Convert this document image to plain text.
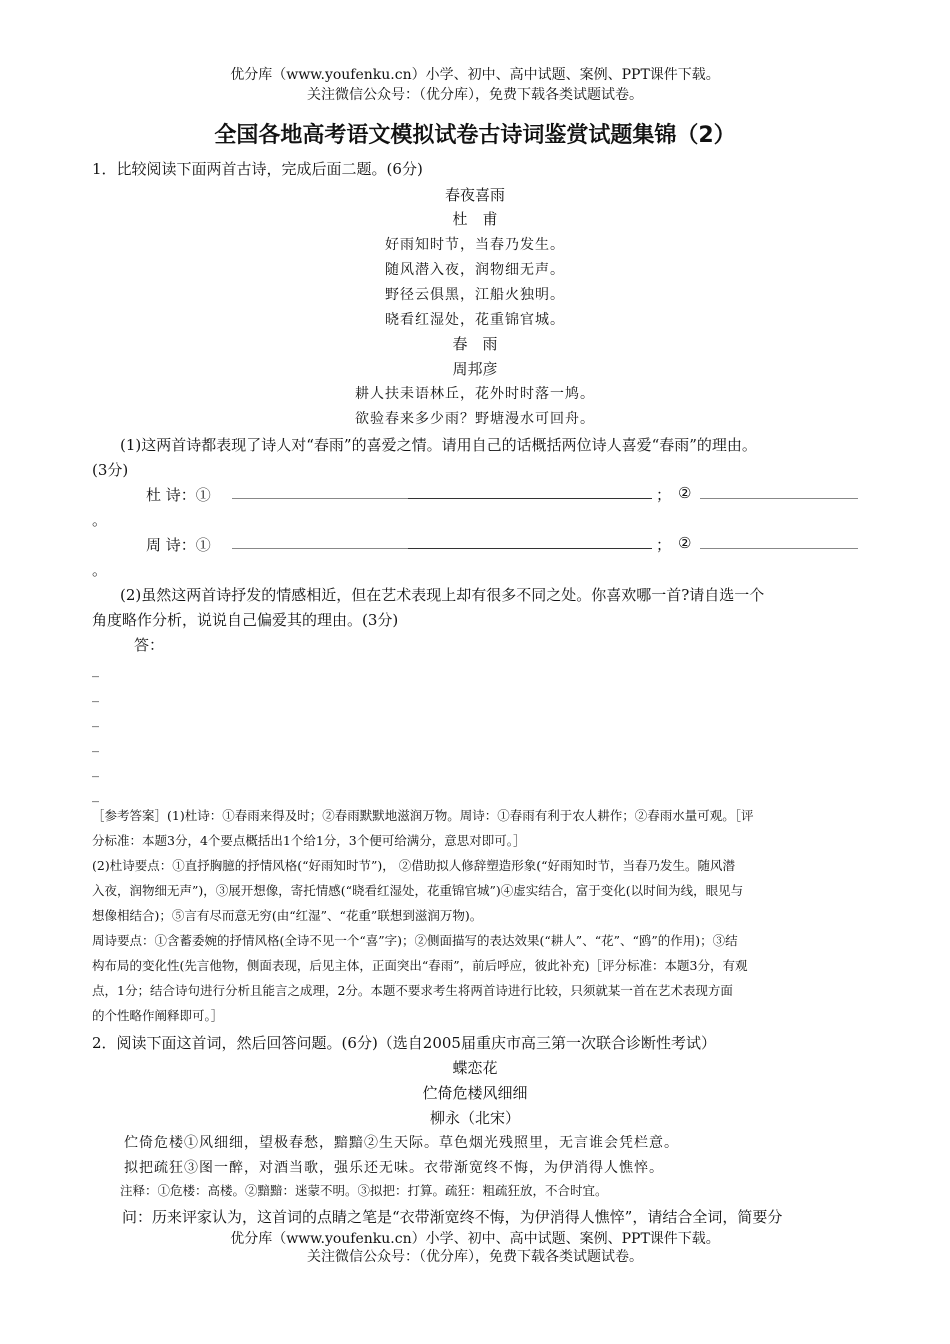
优分库（www.youfenku.cn）小学、初中、高中试题、案例、PPT课件下载。
关注微信公众号：（优分库），免费下载各类试题试卷。
全国各地高考语文模拟试卷古诗词鉴赏试题集锦（2）
1．比较阅读下面两首古诗，完成后面二题。(6分)
春夜喜雨
杜　甫
好雨知时节，当春乃发生。
随风潜入夜，润物细无声。
野径云俱黑，江船火独明。
晓看红湿处，花重锦官城。
春　雨
周邦彦
耕人扶耒语林丘，花外时时落一鸠。
欲验春来多少雨？野塘漫水可回舟。
(1)这两首诗都表现了诗人对“春雨”的喜爱之情。请用自己的话概括两位诗人喜爱“春雨”的理由。
(3分)
杜 诗：①	； ②
。
周 诗：①	； ②
。
(2)虽然这两首诗抒发的情感相近，但在艺术表现上却有很多不同之处。你喜欢哪一首?请自选一个
角度略作分析，说说自己偏爱其的理由。(3分)
答：
_
_
_
_
_
_
［参考答案］(1)杜诗：①春雨来得及时；②春雨默默地滋润万物。周诗：①春雨有利于农人耕作；②春雨水量可观。［评
分标准：本题3分，4个要点概括出1个给1分，3个便可给满分，意思对即可。］
(2)杜诗要点：①直抒胸臆的抒情风格(“好雨知时节”)， ②借助拟人修辞塑造形象(“好雨知时节，当春乃发生。随风潜
入夜，润物细无声”)，③展开想像，寄托情感(“晓看红湿处，花重锦官城”)④虚实结合，富于变化(以时间为线，眼见与
想像相结合)；⑤言有尽而意无穷(由“红湿”、“花重”联想到滋润万物)。
周诗要点：①含蓄委婉的抒情风格(全诗不见一个“喜”字)；②侧面描写的表达效果(“耕人”、“花”、“鸥”的作用)；③结
构布局的变化性(先言他物，侧面表现，后见主体，正面突出“春雨”，前后呼应，彼此补充)［评分标准：本题3分，有观
点，1分；结合诗句进行分析且能言之成理，2分。本题不要求考生将两首诗进行比较，只须就某一首在艺术表现方面
的个性略作阐释即可。］
2．阅读下面这首词，然后回答问题。(6分)（选自2005届重庆市高三第一次联合诊断性考试）
蝶恋花
伫倚危楼风细细
柳永（北宋）
伫倚危楼①风细细，望极春愁，黯黯②生天际。草色烟光残照里，无言谁会凭栏意。
拟把疏狂③图一醉，对酒当歌，强乐还无味。衣带渐宽终不悔，为伊消得人憔悴。
注释：①危楼：高楼。②黯黯：迷蒙不明。③拟把：打算。疏狂：粗疏狂放，不合时宜。
问：历来评家认为，这首词的点睛之笔是“衣带渐宽终不悔，为伊消得人憔悴”，请结合全词，简要分
优分库（www.youfenku.cn）小学、初中、高中试题、案例、PPT课件下载。
关注微信公众号：（优分库），免费下载各类试题试卷。
